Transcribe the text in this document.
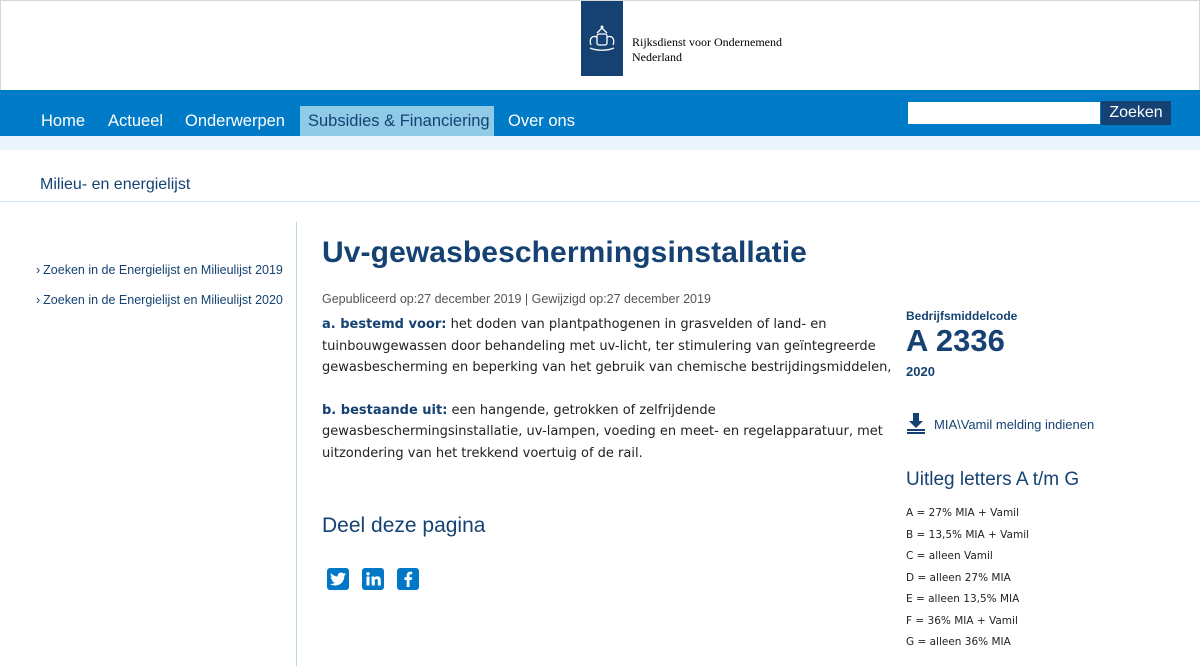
Rijksdienst voor Ondernemend
Nederland
Home	Actueel	Onderwerpen	Subsidies & Financiering	Over ons	Zoeken
Milieu- en energielijst
› Zoeken in de Energielijst en Milieulijst 2019
› Zoeken in de Energielijst en Milieulijst 2020
Uv-gewasbeschermingsinstallatie
Gepubliceerd op:27 december 2019 | Gewijzigd op:27 december 2019

a. bestemd voor: het doden van plantpathogenen in grasvelden of land- en tuinbouwgewassen door behandeling met uv-licht, ter stimulering van geïntegreerde gewasbescherming en beperking van het gebruik van chemische bestrijdingsmiddelen,

b. bestaande uit: een hangende, getrokken of zelfrijdende gewasbeschermingsinstallatie, uv-lampen, voeding en meet- en regelapparatuur, met uitzondering van het trekkend voertuig of de rail.

Deel deze pagina
Bedrijfsmiddelcode
A 2336
2020
MIA\Vamil melding indienen
Uitleg letters A t/m G
A = 27% MIA + Vamil
B = 13,5% MIA + Vamil
C = alleen Vamil
D = alleen 27% MIA
E = alleen 13,5% MIA
F = 36% MIA + Vamil
G = alleen 36% MIA
